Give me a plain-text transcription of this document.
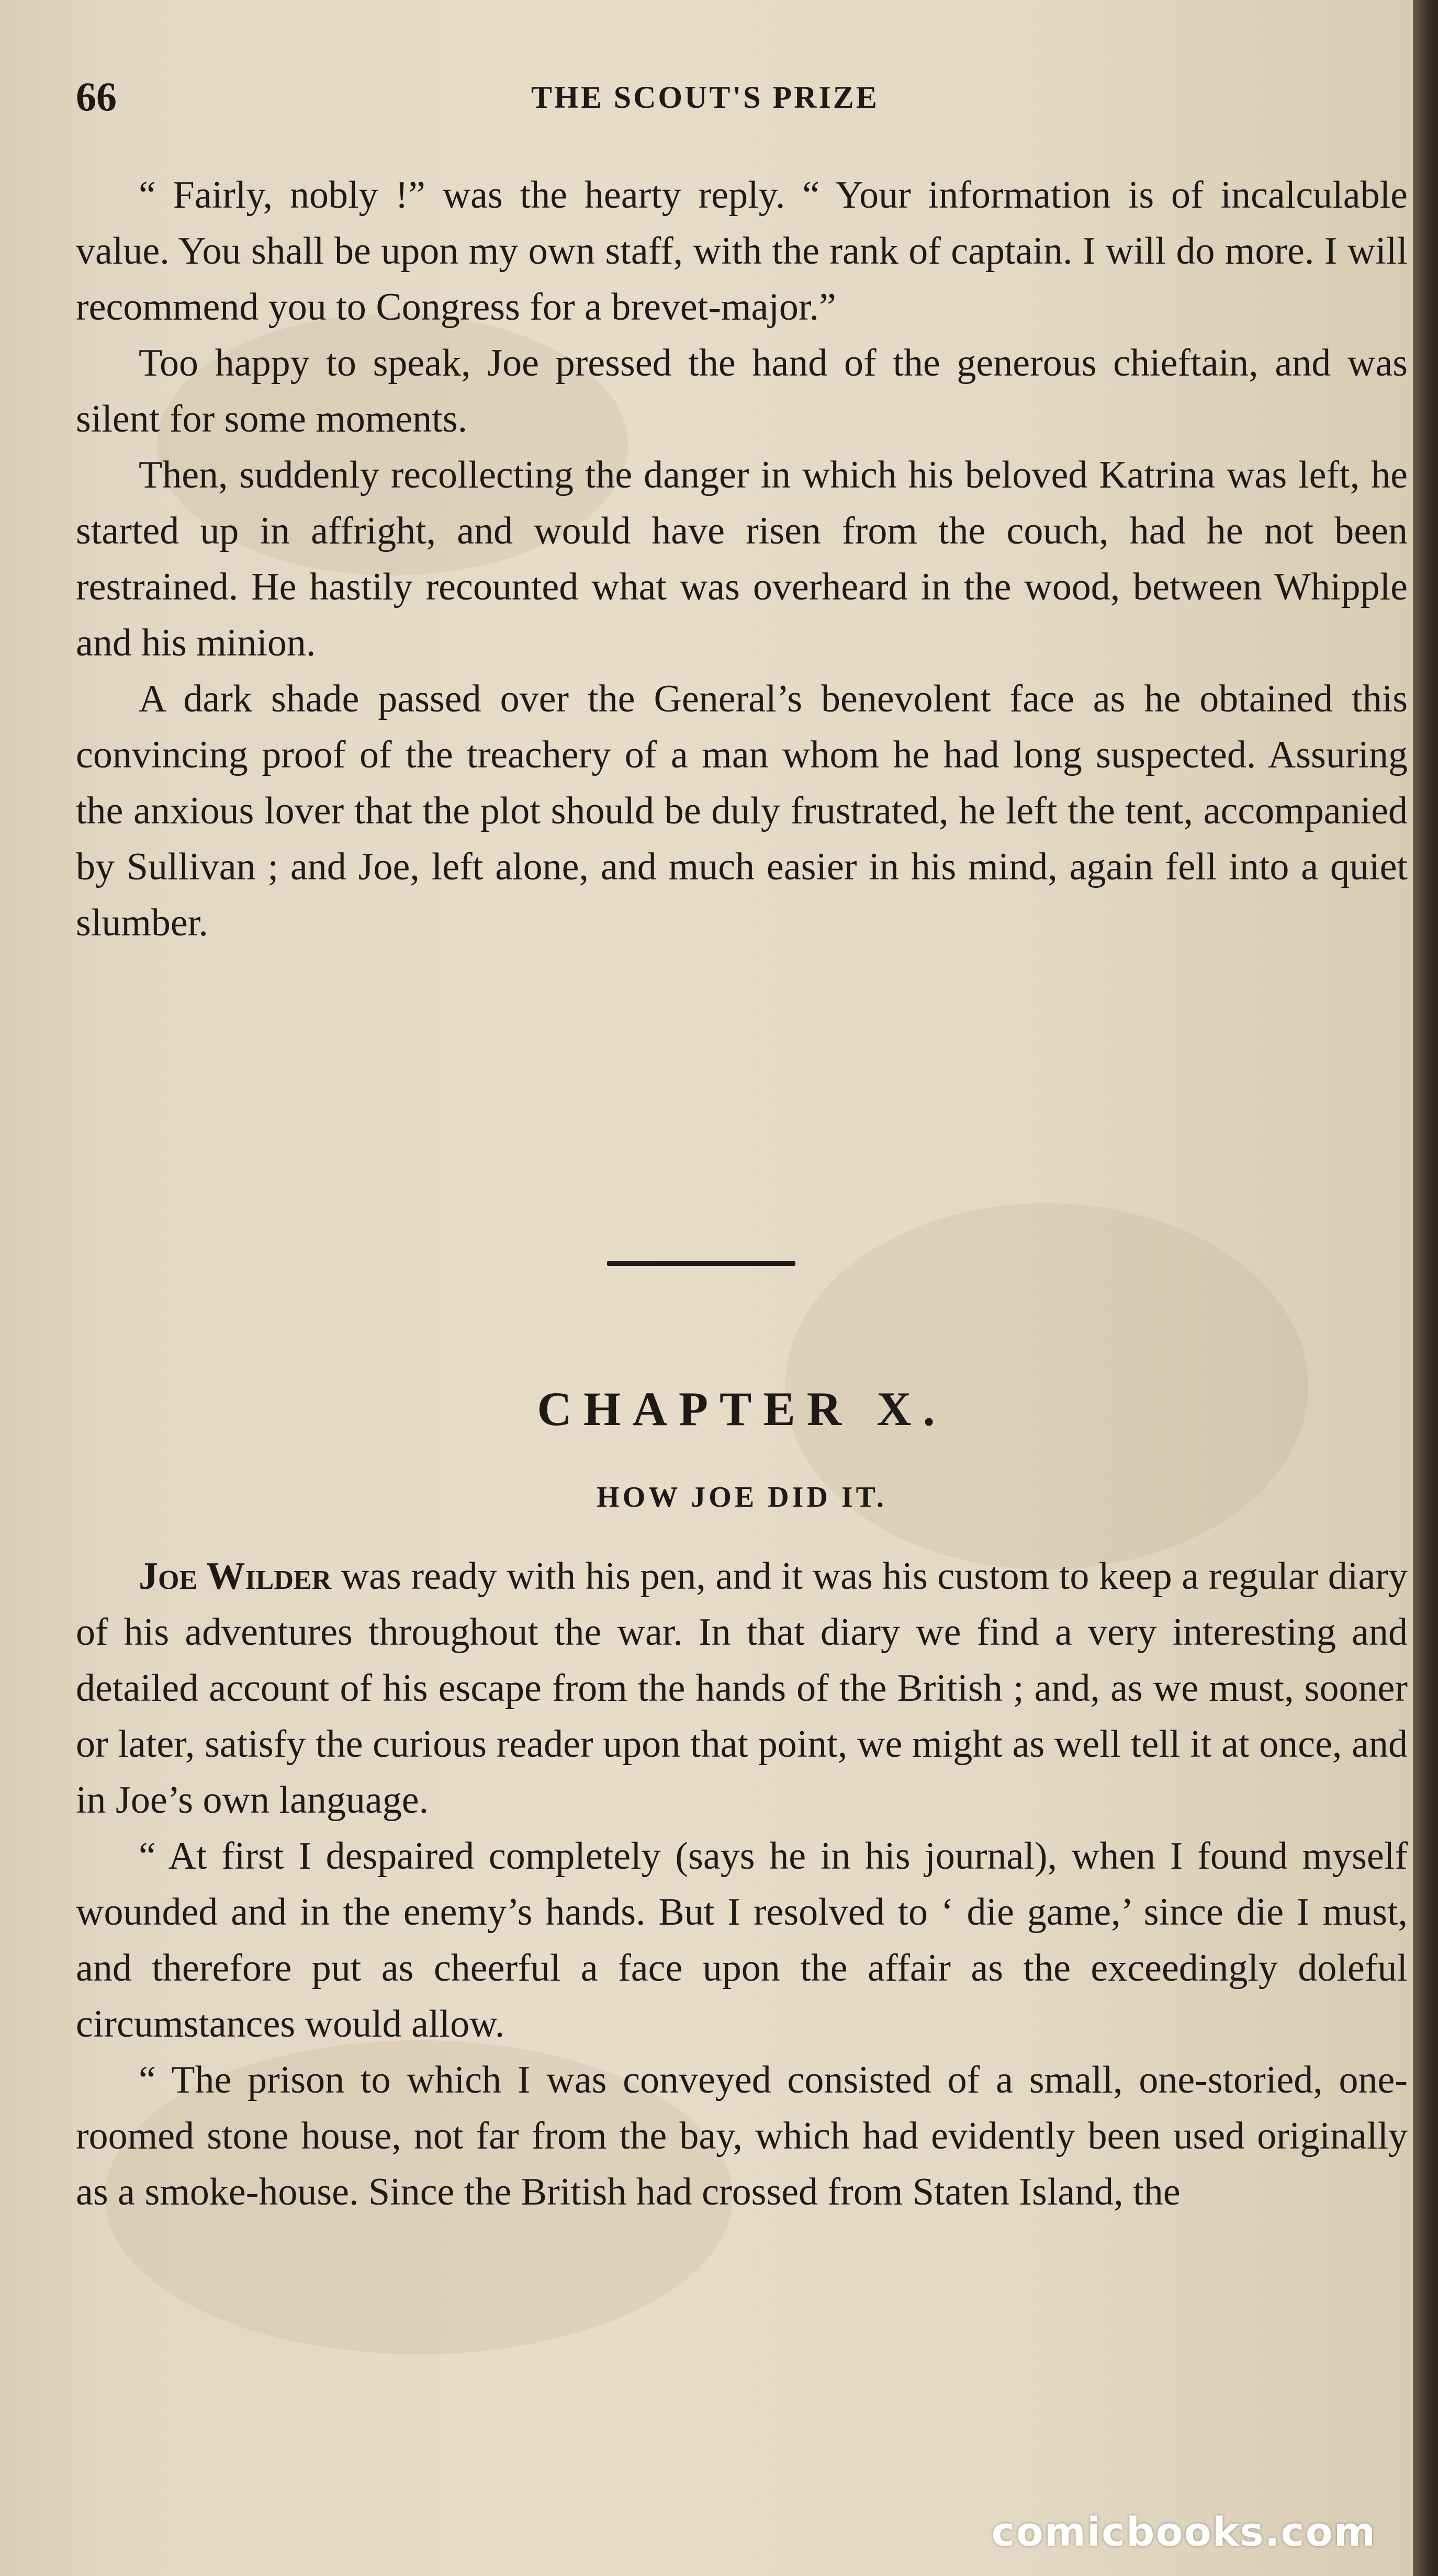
66	THE SCOUT'S PRIZE

“ Fairly, nobly !” was the hearty reply. “ Your information is of incalculable value. You shall be upon my own staff, with the rank of captain. I will do more. I will recommend you to Congress for a brevet-major.”

Too happy to speak, Joe pressed the hand of the generous chieftain, and was silent for some moments.

Then, suddenly recollecting the danger in which his beloved Katrina was left, he started up in affright, and would have risen from the couch, had he not been restrained. He hastily recounted what was overheard in the wood, between Whipple and his minion.

A dark shade passed over the General’s benevolent face as he obtained this convincing proof of the treachery of a man whom he had long suspected. Assuring the anxious lover that the plot should be duly frustrated, he left the tent, accompanied by Sullivan ; and Joe, left alone, and much easier in his mind, again fell into a quiet slumber.

CHAPTER X.
HOW JOE DID IT.

Joe Wilder was ready with his pen, and it was his custom to keep a regular diary of his adventures throughout the war. In that diary we find a very interesting and detailed account of his escape from the hands of the British ; and, as we must, sooner or later, satisfy the curious reader upon that point, we might as well tell it at once, and in Joe’s own language.

“ At first I despaired completely (says he in his journal), when I found myself wounded and in the enemy’s hands. But I resolved to ‘ die game,’ since die I must, and therefore put as cheerful a face upon the affair as the exceedingly doleful circumstances would allow.

“ The prison to which I was conveyed consisted of a small, one-storied, one-roomed stone house, not far from the bay, which had evidently been used originally as a smoke-house. Since the British had crossed from Staten Island, the

comicbooks.com
